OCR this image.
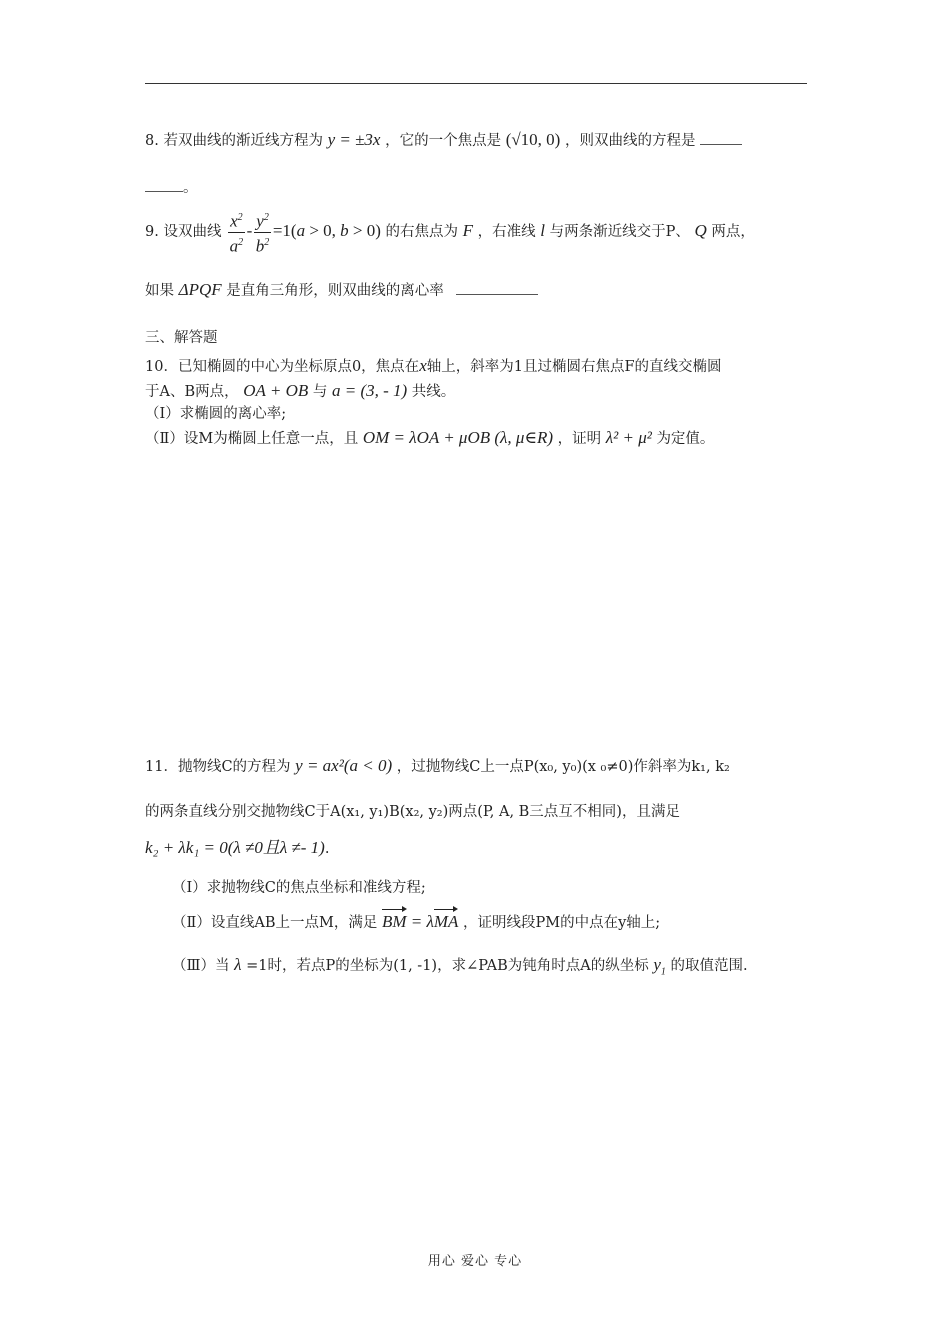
8. 若双曲线的渐近线方程为 y = ±3x ，它的一个焦点是 (√10, 0) ，则双曲线的方程是
。
9. 设双曲线 $\frac{x^2}{a^2} - \frac{y^2}{b^2} =1(a > 0$, b > 0) 的右焦点为 F ，右准线 l 与两条渐近线交于P、 Q 两点，
如果 ΔPQF 是直角三角形，则双曲线的离心率
三、解答题
10．已知椭圆的中心为坐标原点0，焦点在x轴上，斜率为1且过椭圆右焦点F的直线交椭圆
于A、B两点， OA + OB 与 a = (3, - 1) 共线。
（Ⅰ）求椭圆的离心率;
（Ⅱ）设M为椭圆上任意一点，且 OM = λOA + μOB (λ, μ∈R) ，证明 λ² + μ² 为定值。
11．抛物线C的方程为 y = ax²(a < 0) ，过抛物线C上一点P(x₀, y₀)(x ₀≠0)作斜率为k₁, k₂
的两条直线分别交抛物线C于A(x₁, y₁)B(x₂, y₂)两点(P, A, B三点互不相同)，且满足
k₂ + λk₁ = 0(λ ≠0且λ ≠- 1).
（Ⅰ）求抛物线C的焦点坐标和准线方程;
（Ⅱ）设直线AB上一点M，满足 BM = λMA ，证明线段PM的中点在y轴上;
（Ⅲ）当 λ =1时，若点P的坐标为(1, -1)，求∠PAB为钝角时点A的纵坐标 $y_1$ 的取值范围.
用心 爱心 专心
